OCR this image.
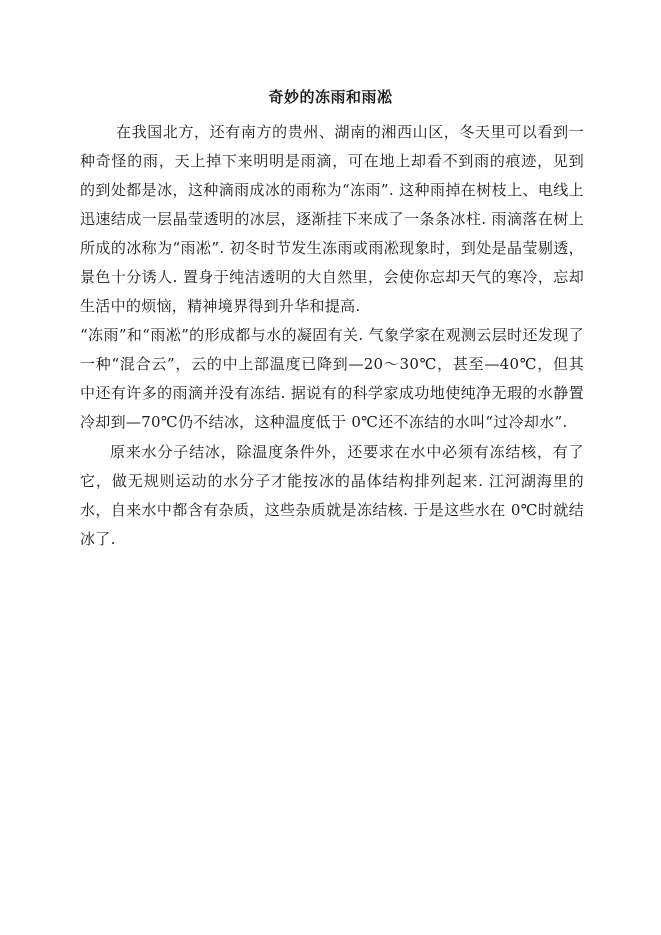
奇妙的冻雨和雨凇

在我国北方，还有南方的贵州、湖南的湘西山区，冬天里可以看到一种奇怪的雨，天上掉下来明明是雨滴，可在地上却看不到雨的痕迹，见到的到处都是冰，这种滴雨成冰的雨称为“冻雨”. 这种雨掉在树枝上、电线上迅速结成一层晶莹透明的冰层，逐渐挂下来成了一条条冰柱. 雨滴落在树上所成的冰称为“雨凇”. 初冬时节发生冻雨或雨凇现象时，到处是晶莹剔透，景色十分诱人. 置身于纯洁透明的大自然里，会使你忘却天气的寒冷，忘却生活中的烦恼，精神境界得到升华和提高.

“冻雨”和“雨凇”的形成都与水的凝固有关. 气象学家在观测云层时还发现了一种“混合云”，云的中上部温度已降到—20～30℃，甚至—40℃，但其中还有许多的雨滴并没有冻结. 据说有的科学家成功地使纯净无瑕的水静置冷却到—70℃仍不结冰，这种温度低于 0℃还不冻结的水叫“过冷却水”.

原来水分子结冰，除温度条件外，还要求在水中必须有冻结核，有了它，做无规则运动的水分子才能按冰的晶体结构排列起来. 江河湖海里的水，自来水中都含有杂质，这些杂质就是冻结核. 于是这些水在 0℃时就结冰了.
